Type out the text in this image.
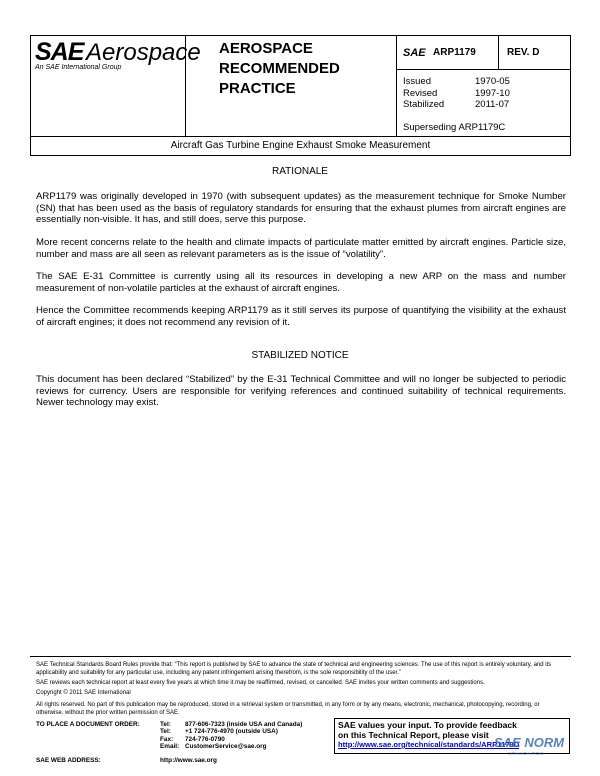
SAE Aerospace
An SAE International Group
AEROSPACE
RECOMMENDED
PRACTICE
SAE ARP1179	REV. D
Issued	1970-05
Revised	1997-10
Stabilized	2011-07
Superseding ARP1179C
Aircraft Gas Turbine Engine Exhaust Smoke Measurement
RATIONALE

ARP1179 was originally developed in 1970 (with subsequent updates) as the measurement technique for Smoke Number (SN) that has been used as the basis of regulatory standards for ensuring that the exhaust plumes from aircraft engines are essentially non-visible. It has, and still does, serve this purpose.

More recent concerns relate to the health and climate impacts of particulate matter emitted by aircraft engines. Particle size, number and mass are all seen as relevant parameters as is the issue of “volatility”.

The SAE E-31 Committee is currently using all its resources in developing a new ARP on the mass and number measurement of non-volatile particles at the exhaust of aircraft engines.

Hence the Committee recommends keeping ARP1179 as it still serves its purpose of quantifying the visibility at the exhaust of aircraft engines; it does not recommend any revision of it.

STABILIZED NOTICE

This document has been declared “Stabilized” by the E-31 Technical Committee and will no longer be subjected to periodic reviews for currency. Users are responsible for verifying references and continued suitability of technical requirements. Newer technology may exist.

SAE Technical Standards Board Rules provide that: “This report is published by SAE to advance the state of technical and engineering sciences. The use of this report is entirely voluntary, and its applicability and suitability for any particular use, including any patent infringement arising therefrom, is the sole responsibility of the user.”

SAE reviews each technical report at least every five years at which time it may be reaffirmed, revised, or cancelled. SAE invites your written comments and suggestions.

Copyright © 2011 SAE International

All rights reserved. No part of this publication may be reproduced, stored in a retrieval system or transmitted, in any form or by any means, electronic, mechanical, photocopying, recording, or otherwise, without the prior written permission of SAE.

TO PLACE A DOCUMENT ORDER:	Tel:	877-606-7323 (inside USA and Canada)
Tel:	+1 724-776-4970 (outside USA)
Fax:	724-776-0790
Email: CustomerService@sae.org
SAE WEB ADDRESS:	http://www.sae.org
SAE values your input. To provide feedback
on this Technical Report, please visit
http://www.sae.org/technical/standards/ARP1179D
SAE NORM
STANDARDS
